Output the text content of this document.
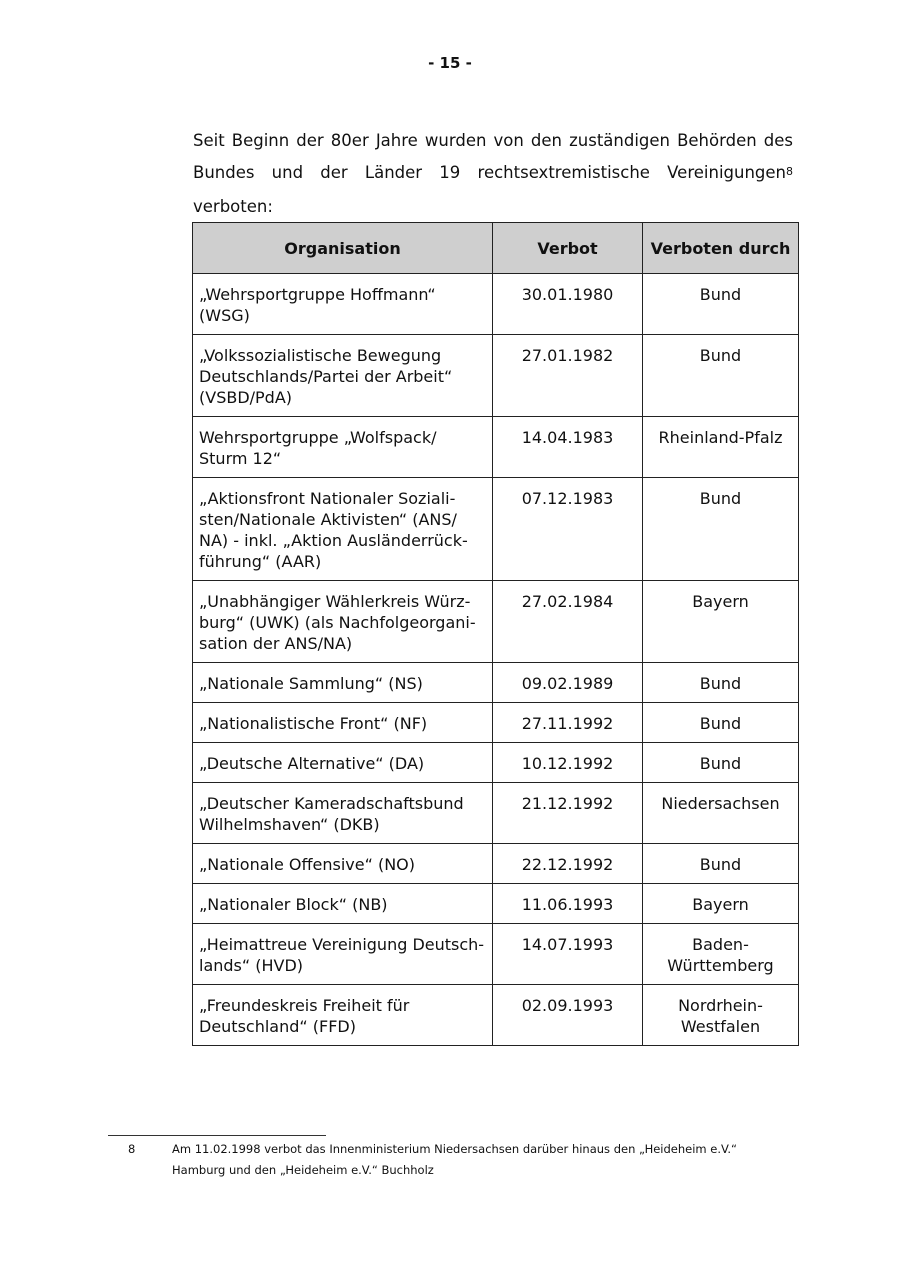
- 15 -

Seit Beginn der 80er Jahre wurden von den zuständigen Behörden des Bundes und der Länder 19 rechtsextremistische Vereinigungen$^8$ verboten:

Organisation	Verbot	Verboten durch
„Wehrsportgruppe Hoffmann“ (WSG)	30.01.1980	Bund
„Volkssozialistische Bewegung Deutschlands/Partei der Arbeit“ (VSBD/PdA)	27.01.1982	Bund
Wehrsportgruppe „Wolfspack/ Sturm 12“	14.04.1983	Rheinland-Pfalz
„Aktionsfront Nationaler Soziali- sten/Nationale Aktivisten“ (ANS/ NA) - inkl. „Aktion Ausländerrück- führung“ (AAR)	07.12.1983	Bund
„Unabhängiger Wählerkreis Würz- burg“ (UWK) (als Nachfolgeorgani- sation der ANS/NA)	27.02.1984	Bayern
„Nationale Sammlung“ (NS)	09.02.1989	Bund
„Nationalistische Front“ (NF)	27.11.1992	Bund
„Deutsche Alternative“ (DA)	10.12.1992	Bund
„Deutscher Kameradschaftsbund Wilhelmshaven“ (DKB)	21.12.1992	Niedersachsen
„Nationale Offensive“ (NO)	22.12.1992	Bund
„Nationaler Block“ (NB)	11.06.1993	Bayern
„Heimattreue Vereinigung Deutsch- lands“ (HVD)	14.07.1993	Baden- Württemberg
„Freundeskreis Freiheit für Deutschland“ (FFD)	02.09.1993	Nordrhein- Westfalen
8	Am 11.02.1998 verbot das Innenministerium Niedersachsen darüber hinaus den „Heideheim e.V.“ Hamburg und den „Heideheim e.V.“ Buchholz
